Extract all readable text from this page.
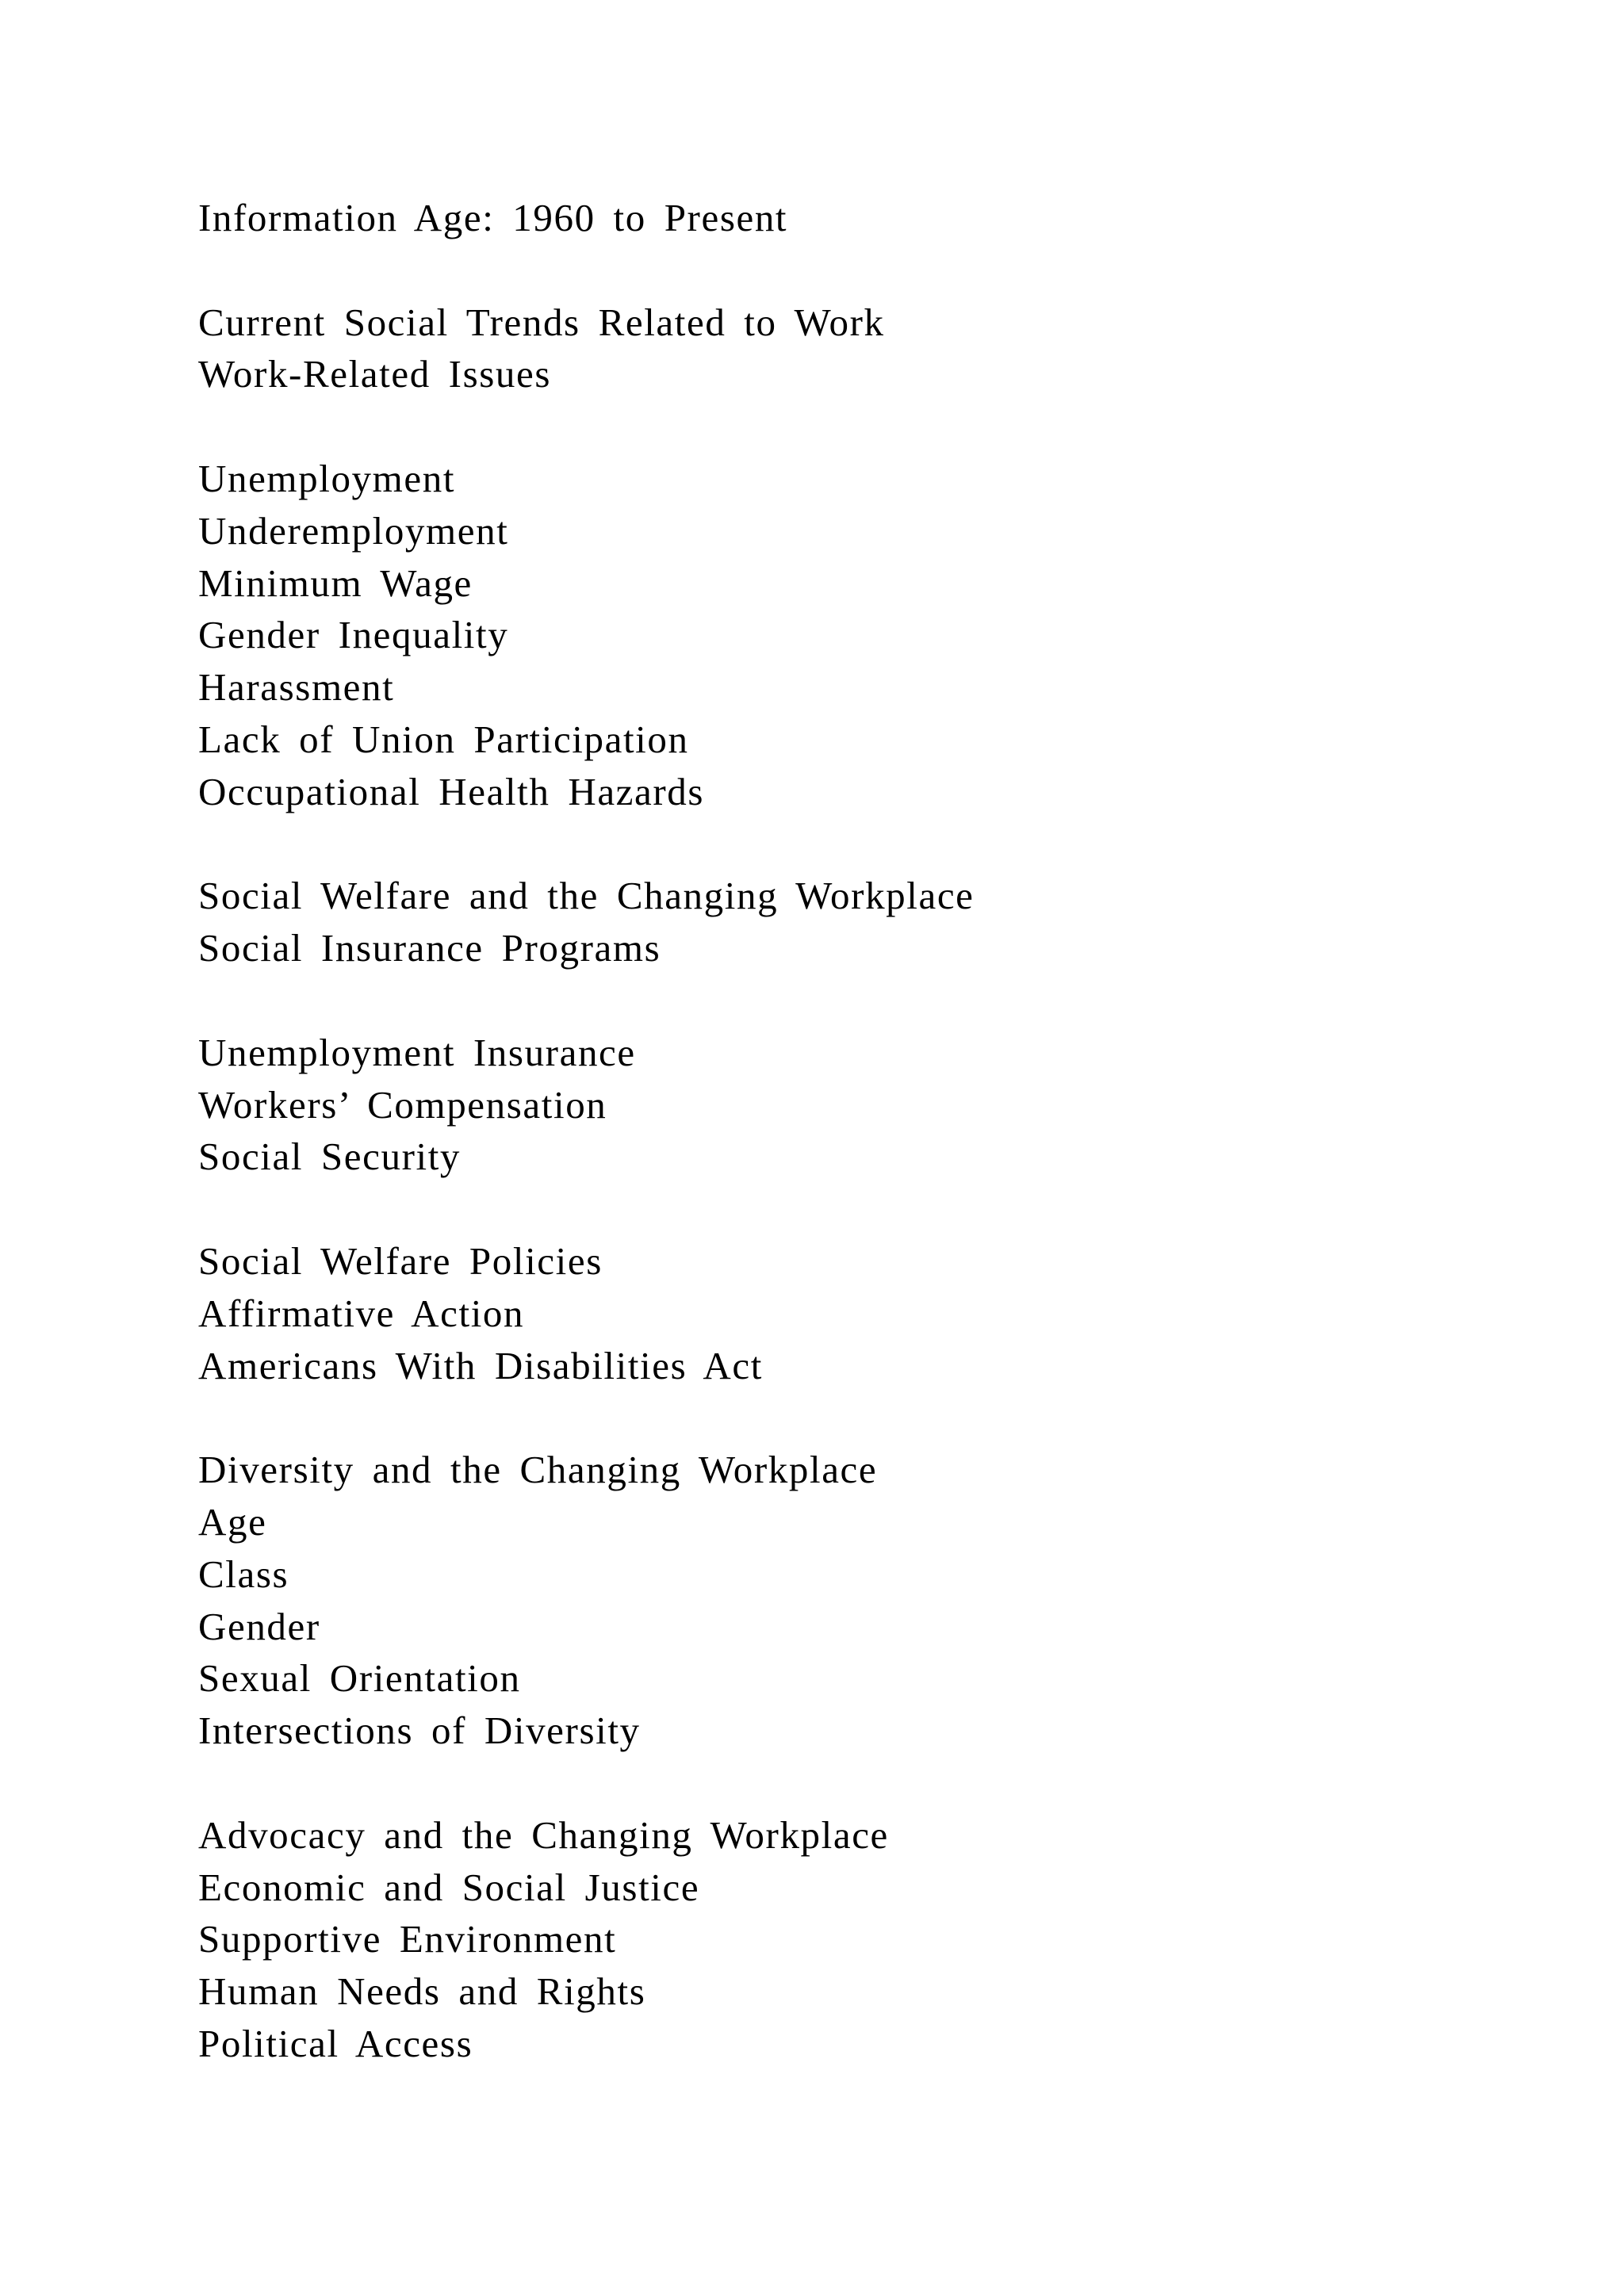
Information Age: 1960 to Present
Current Social Trends Related to Work
Work-Related Issues
Unemployment
Underemployment
Minimum Wage
Gender Inequality
Harassment
Lack of Union Participation
Occupational Health Hazards
Social Welfare and the Changing Workplace
Social Insurance Programs
Unemployment Insurance
Workers’ Compensation
Social Security
Social Welfare Policies
Affirmative Action
Americans With Disabilities Act
Diversity and the Changing Workplace
Age
Class
Gender
Sexual Orientation
Intersections of Diversity
Advocacy and the Changing Workplace
Economic and Social Justice
Supportive Environment
Human Needs and Rights
Political Access
